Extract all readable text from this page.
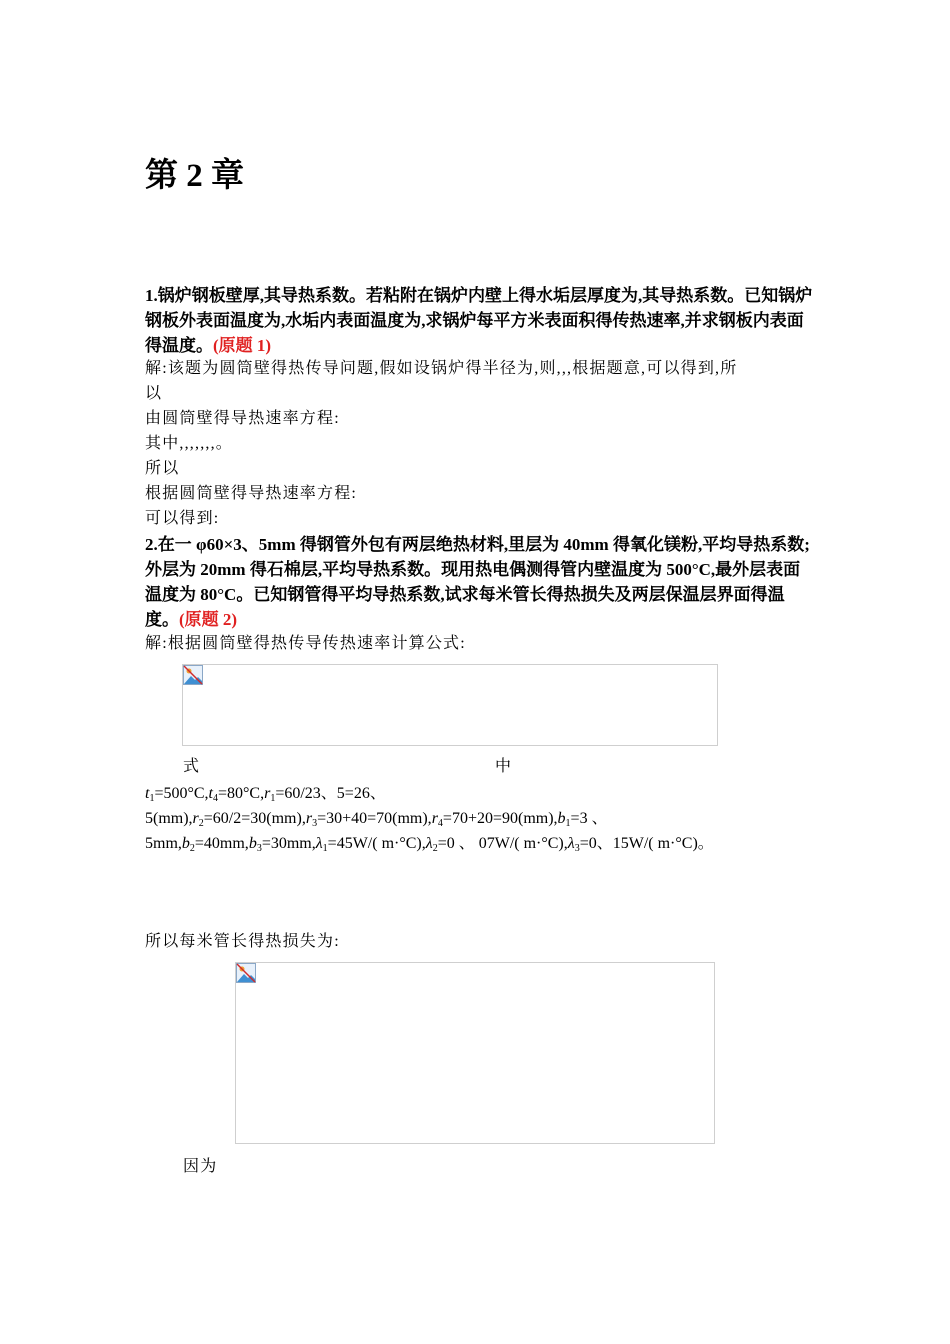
第 2 章

1.锅炉钢板壁厚,其导热系数。若粘附在锅炉内壁上得水垢层厚度为,其导热系数。已知锅炉钢板外表面温度为,水垢内表面温度为,求锅炉每平方米表面积得传热速率,并求钢板内表面得温度。(原题 1)

解:该题为圆筒壁得热传导问题,假如设锅炉得半径为,则,,,根据题意,可以得到,所

以

由圆筒壁得导热速率方程:

其中,,,,,,,。

所以

根据圆筒壁得导热速率方程:

可以得到:

2.在一 φ60×3、5mm 得钢管外包有两层绝热材料,里层为 40mm 得氧化镁粉,平均导热系数;外层为 20mm 得石棉层,平均导热系数。现用热电偶测得管内壁温度为 500°C,最外层表面温度为 80°C。已知钢管得平均导热系数,试求每米管长得热损失及两层保温层界面得温度。(原题 2)

解:根据圆筒壁得热传导传热速率计算公式:

式	中

$t_1=500^\circ C,t_4=80^\circ C,r_1=60/23$、5=26、$5(mm),r_2=60/2=30(mm),r_3=30+40=70(mm),r_4=70+20=90(mm),b_1=3$ 、 $5mm,b_2=40mm,b_3=30mm,\lambda_1=45W/$( $m\cdot^\circ C),\lambda_2=0$ 、 07W/( $m\cdot^\circ C),\lambda_3=0$、15W/( m·°C)。

所以每米管长得热损失为:

因为
